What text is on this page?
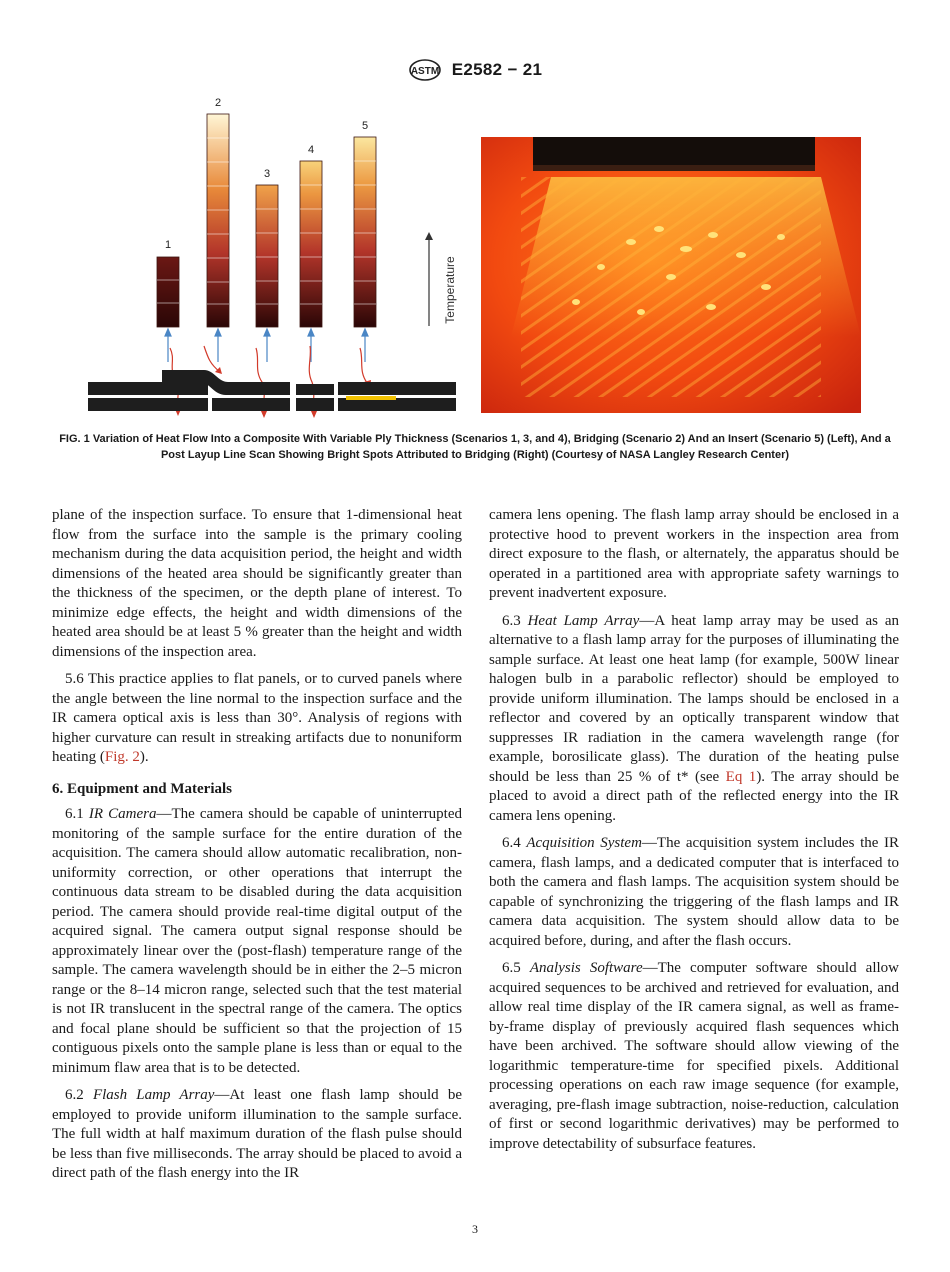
ASTM E2582 − 21
1
2
3
4
5
Temperature
FIG. 1 Variation of Heat Flow Into a Composite With Variable Ply Thickness (Scenarios 1, 3, and 4), Bridging (Scenario 2) And an Insert (Scenario 5) (Left), And a Post Layup Line Scan Showing Bright Spots Attributed to Bridging (Right) (Courtesy of NASA Langley Research Center)

plane of the inspection surface. To ensure that 1-dimensional heat flow from the surface into the sample is the primary cooling mechanism during the data acquisition period, the height and width dimensions of the heated area should be significantly greater than the thickness of the specimen, or the depth plane of interest. To minimize edge effects, the height and width dimensions of the heated area should be at least 5 % greater than the height and width dimensions of the inspection area.

5.6 This practice applies to flat panels, or to curved panels where the angle between the line normal to the inspection surface and the IR camera optical axis is less than 30°. Analysis of regions with higher curvature can result in streaking artifacts due to nonuniform heating (Fig. 2).

6. Equipment and Materials

6.1 IR Camera—The camera should be capable of uninterrupted monitoring of the sample surface for the entire duration of the acquisition. The camera should allow automatic recalibration, non-uniformity correction, or other operations that interrupt the continuous data stream to be disabled during the data acquisition period. The camera should provide real-time digital output of the acquired signal. The camera output signal response should be approximately linear over the (post-flash) temperature range of the sample. The camera wavelength should be in either the 2–5 micron range or the 8–14 micron range, selected such that the test material is not IR translucent in the spectral range of the camera. The optics and focal plane should be sufficient so that the projection of 15 contiguous pixels onto the sample plane is less than or equal to the minimum flaw area that is to be detected.

6.2 Flash Lamp Array—At least one flash lamp should be employed to provide uniform illumination to the sample surface. The full width at half maximum duration of the flash pulse should be less than five milliseconds. The array should be placed to avoid a direct path of the flash energy into the IR

camera lens opening. The flash lamp array should be enclosed in a protective hood to prevent workers in the inspection area from direct exposure to the flash, or alternately, the apparatus should be operated in a partitioned area with appropriate safety warnings to prevent inadvertent exposure.

6.3 Heat Lamp Array—A heat lamp array may be used as an alternative to a flash lamp array for the purposes of illuminating the sample surface. At least one heat lamp (for example, 500W linear halogen bulb in a parabolic reflector) should be employed to provide uniform illumination. The lamps should be enclosed in a reflector and covered by an optically transparent window that suppresses IR radiation in the camera wavelength range (for example, borosilicate glass). The duration of the heating pulse should be less than 25 % of t* (see Eq 1). The array should be placed to avoid a direct path of the reflected energy into the IR camera lens opening.

6.4 Acquisition System—The acquisition system includes the IR camera, flash lamps, and a dedicated computer that is interfaced to both the camera and flash lamps. The acquisition system should be capable of synchronizing the triggering of the flash lamps and IR camera data acquisition. The system should allow data to be acquired before, during, and after the flash occurs.

6.5 Analysis Software—The computer software should allow acquired sequences to be archived and retrieved for evaluation, and allow real time display of the IR camera signal, as well as frame-by-frame display of previously acquired flash sequences which have been archived. The software should allow viewing of the logarithmic temperature-time for specified pixels. Additional processing operations on each raw image sequence (for example, averaging, pre-flash image subtraction, noise-reduction, calculation of first or second logarithmic derivatives) may be performed to improve detectability of subsurface features.

3
